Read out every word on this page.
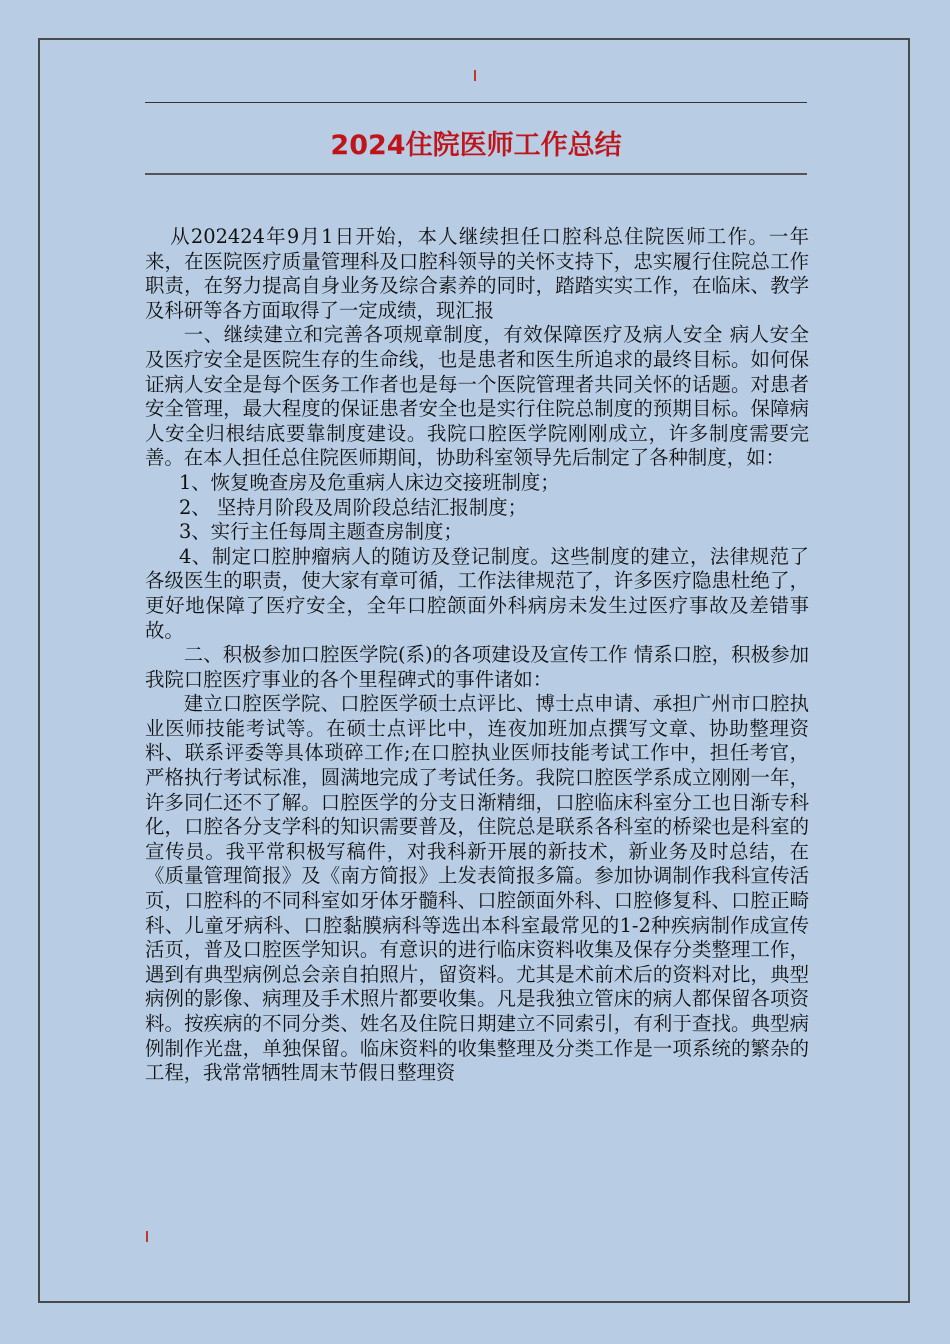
2024住院医师工作总结

从202424年9月1日开始，本人继续担任口腔科总住院医师工作。一年来，在医院医疗质量管理科及口腔科领导的关怀支持下，忠实履行住院总工作职责，在努力提高自身业务及综合素养的同时，踏踏实实工作，在临床、教学及科研等各方面取得了一定成绩，现汇报

一、继续建立和完善各项规章制度，有效保障医疗及病人安全 病人安全及医疗安全是医院生存的生命线，也是患者和医生所追求的最终目标。如何保证病人安全是每个医务工作者也是每一个医院管理者共同关怀的话题。对患者安全管理，最大程度的保证患者安全也是实行住院总制度的预期目标。保障病人安全归根结底要靠制度建设。我院口腔医学院刚刚成立，许多制度需要完善。在本人担任总住院医师期间，协助科室领导先后制定了各种制度，如：

1、恢复晚查房及危重病人床边交接班制度；

2、 坚持月阶段及周阶段总结汇报制度；

3、实行主任每周主题查房制度；

4、制定口腔肿瘤病人的随访及登记制度。这些制度的建立，法律规范了各级医生的职责，使大家有章可循，工作法律规范了，许多医疗隐患杜绝了，更好地保障了医疗安全，全年口腔颌面外科病房未发生过医疗事故及差错事故。

二、积极参加口腔医学院(系)的各项建设及宣传工作 情系口腔，积极参加我院口腔医疗事业的各个里程碑式的事件诸如：

建立口腔医学院、口腔医学硕士点评比、博士点申请、承担广州市口腔执业医师技能考试等。在硕士点评比中，连夜加班加点撰写文章、协助整理资料、联系评委等具体琐碎工作;在口腔执业医师技能考试工作中，担任考官，严格执行考试标准，圆满地完成了考试任务。我院口腔医学系成立刚刚一年，许多同仁还不了解。口腔医学的分支日渐精细，口腔临床科室分工也日渐专科化，口腔各分支学科的知识需要普及，住院总是联系各科室的桥梁也是科室的宣传员。我平常积极写稿件，对我科新开展的新技术，新业务及时总结，在《质量管理简报》及《南方简报》上发表简报多篇。参加协调制作我科宣传活页，口腔科的不同科室如牙体牙髓科、口腔颌面外科、口腔修复科、口腔正畸科、儿童牙病科、口腔黏膜病科等选出本科室最常见的1-2种疾病制作成宣传活页，普及口腔医学知识。有意识的进行临床资料收集及保存分类整理工作，遇到有典型病例总会亲自拍照片，留资料。尤其是术前术后的资料对比，典型病例的影像、病理及手术照片都要收集。凡是我独立管床的病人都保留各项资料。按疾病的不同分类、姓名及住院日期建立不同索引，有利于查找。典型病例制作光盘，单独保留。临床资料的收集整理及分类工作是一项系统的繁杂的工程，我常常牺牲周末节假日整理资
